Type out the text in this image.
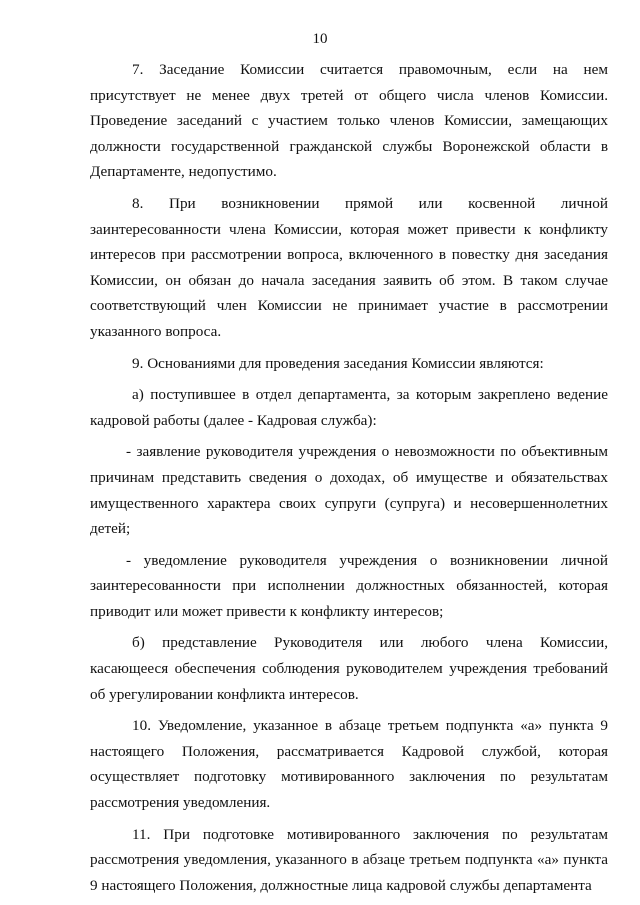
10

7. Заседание Комиссии считается правомочным, если на нем присутствует не менее двух третей от общего числа членов Комиссии. Проведение заседаний с участием только членов Комиссии, замещающих должности государственной гражданской службы Воронежской области в Департаменте, недопустимо.

8. При возникновении прямой или косвенной личной заинтересованности члена Комиссии, которая может привести к конфликту интересов при рассмотрении вопроса, включенного в повестку дня заседания Комиссии, он обязан до начала заседания заявить об этом. В таком случае соответствующий член Комиссии не принимает участие в рассмотрении указанного вопроса.

9. Основаниями для проведения заседания Комиссии являются:

а) поступившее в отдел департамента, за которым закреплено ведение кадровой работы (далее - Кадровая служба):

- заявление руководителя учреждения о невозможности по объективным причинам представить сведения о доходах, об имуществе и обязательствах имущественного характера своих супруги (супруга) и несовершеннолетних детей;

- уведомление руководителя учреждения о возникновении личной заинтересованности при исполнении должностных обязанностей, которая приводит или может привести к конфликту интересов;

б) представление Руководителя или любого члена Комиссии, касающееся обеспечения соблюдения руководителем учреждения требований об урегулировании конфликта интересов.

10. Уведомление, указанное в абзаце третьем подпункта «а» пункта 9 настоящего Положения, рассматривается Кадровой службой, которая осуществляет подготовку мотивированного заключения по результатам рассмотрения уведомления.

11. При подготовке мотивированного заключения по результатам рассмотрения уведомления, указанного в абзаце третьем подпункта «а» пункта 9 настоящего Положения, должностные лица кадровой службы департамента
